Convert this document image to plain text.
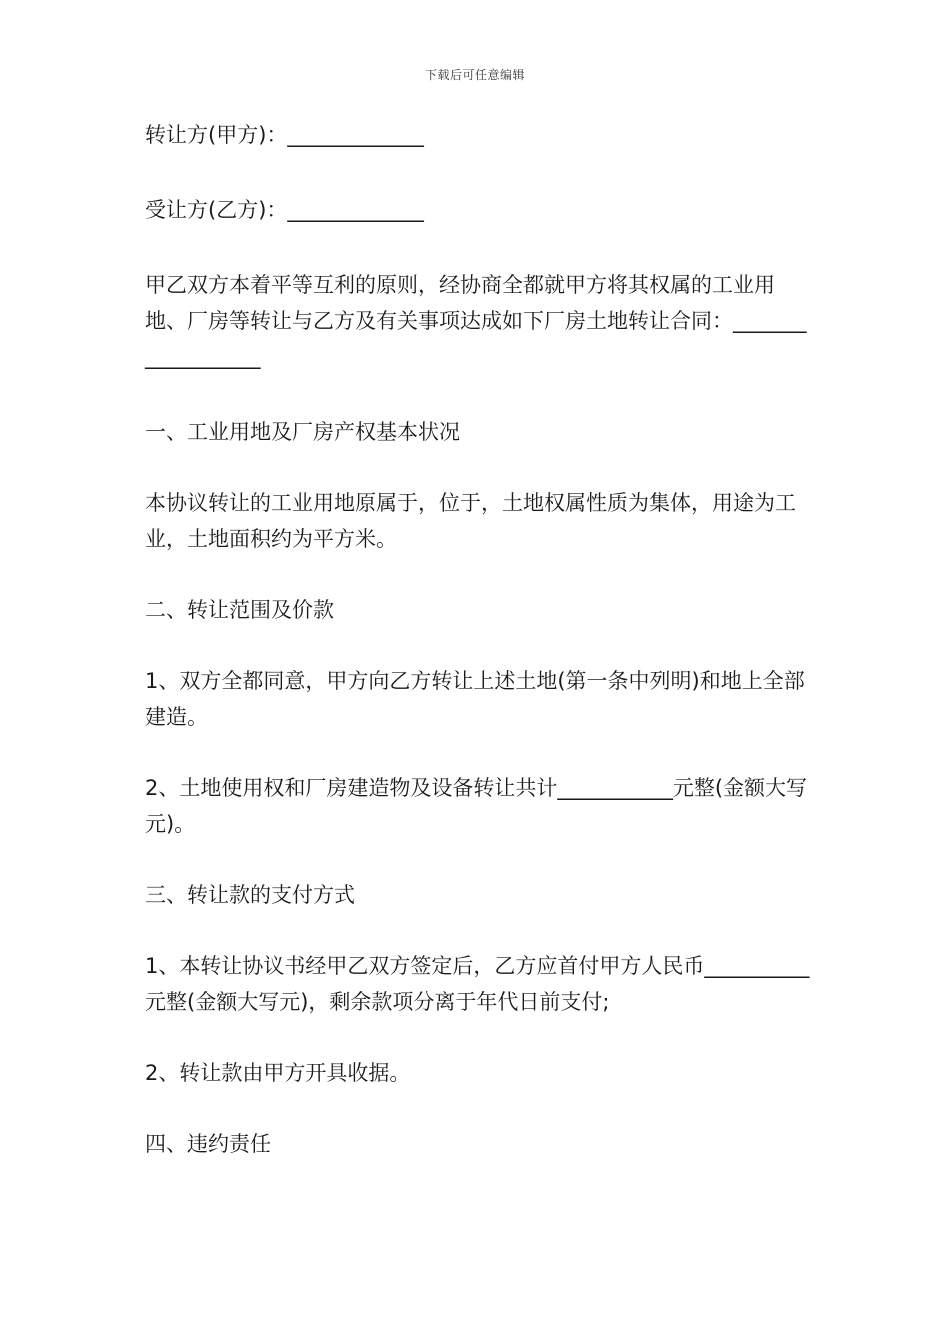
下载后可任意编辑

转让方(甲方)：_____________

受让方(乙方)：_____________

甲乙双方本着平等互利的原则，经协商全都就甲方将其权属的工业用地、厂房等转让与乙方及有关事项达成如下厂房土地转让合同：__________________

一、工业用地及厂房产权基本状况

本协议转让的工业用地原属于，位于，土地权属性质为集体，用途为工业，土地面积约为平方米。

二、转让范围及价款

1、双方全都同意，甲方向乙方转让上述土地(第一条中列明)和地上全部建造。

2、土地使用权和厂房建造物及设备转让共计___________元整(金额大写元)。

三、转让款的支付方式

1、本转让协议书经甲乙双方签定后，乙方应首付甲方人民币__________元整(金额大写元)，剩余款项分离于年代日前支付;

2、转让款由甲方开具收据。

四、违约责任
